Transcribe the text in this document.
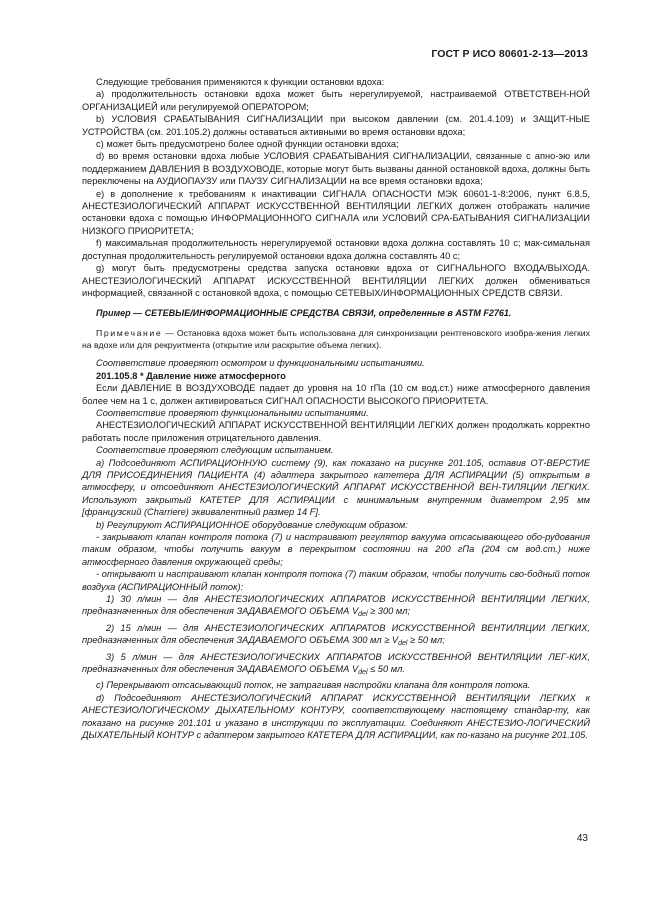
ГОСТ Р ИСО 80601-2-13—2013

Следующие требования применяются к функции остановки вдоха:

a) продолжительность остановки вдоха может быть нерегулируемой, настраиваемой ОТВЕТСТВЕН-НОЙ ОРГАНИЗАЦИЕЙ или регулируемой ОПЕРАТОРОМ;

b) УСЛОВИЯ СРАБАТЫВАНИЯ СИГНАЛИЗАЦИИ при высоком давлении (см. 201.4.109) и ЗАЩИТ-НЫЕ УСТРОЙСТВА (см. 201.105.2) должны оставаться активными во время остановки вдоха;

c) может быть предусмотрено более одной функции остановки вдоха;

d) во время остановки вдоха любые УСЛОВИЯ СРАБАТЫВАНИЯ СИГНАЛИЗАЦИИ, связанные с апно-эю или поддержанием ДАВЛЕНИЯ В ВОЗДУХОВОДЕ, которые могут быть вызваны данной остановкой вдоха, должны быть переключены на АУДИОПАУЗУ или ПАУЗУ СИГНАЛИЗАЦИИ на все время остановки вдоха;

e) в дополнение к требованиям к инактивации СИГНАЛА ОПАСНОСТИ МЭК 60601-1-8:2006, пункт 6.8.5, АНЕСТЕЗИОЛОГИЧЕСКИЙ АППАРАТ ИСКУССТВЕННОЙ ВЕНТИЛЯЦИИ ЛЕГКИХ должен отображать наличие остановки вдоха с помощью ИНФОРМАЦИОННОГО СИГНАЛА или УСЛОВИЙ СРА-БАТЫВАНИЯ СИГНАЛИЗАЦИИ НИЗКОГО ПРИОРИТЕТА;

f) максимальная продолжительность нерегулируемой остановки вдоха должна составлять 10 с; мак-симальная доступная продолжительность регулируемой остановки вдоха должна составлять 40 с;

g) могут быть предусмотрены средства запуска остановки вдоха от СИГНАЛЬНОГО ВХОДА/ВЫХОДА. АНЕСТЕЗИОЛОГИЧЕСКИЙ АППАРАТ ИСКУССТВЕННОЙ ВЕНТИЛЯЦИИ ЛЕГКИХ должен обмениваться информацией, связанной с остановкой вдоха, с помощью СЕТЕВЫХ/ИНФОРМАЦИОННЫХ СРЕДСТВ СВЯЗИ.

Пример — СЕТЕВЫЕ/ИНФОРМАЦИОННЫЕ СРЕДСТВА СВЯЗИ, определенные в ASTM F2761.

Примечание — Остановка вдоха может быть использована для синхронизации рентгеновского изобра-жения легких на вдохе или для рекруитмента (открытие или раскрытие объема легких).

Соответствие проверяют осмотром и функциональными испытаниями.

201.105.8 * Давление ниже атмосферного

Если ДАВЛЕНИЕ В ВОЗДУХОВОДЕ падает до уровня на 10 гПа (10 см вод.ст.) ниже атмосферного давления более чем на 1 с, должен активироваться СИГНАЛ ОПАСНОСТИ ВЫСОКОГО ПРИОРИТЕТА.

Соответствие проверяют функциональными испытаниями.

АНЕСТЕЗИОЛОГИЧЕСКИЙ АППАРАТ ИСКУССТВЕННОЙ ВЕНТИЛЯЦИИ ЛЕГКИХ должен продолжать корректно работать после приложения отрицательного давления.

Соответствие проверяют следующим испытанием.

a) Подсоединяют АСПИРАЦИОННУЮ систему (9), как показано на рисунке 201.105, оставив ОТ-ВЕРСТИЕ ДЛЯ ПРИСОЕДИНЕНИЯ ПАЦИЕНТА (4) адаптера закрытого катетера ДЛЯ АСПИРАЦИИ (5) открытым в атмосферу, и отсоединяют АНЕСТЕЗИОЛОГИЧЕСКИЙ АППАРАТ ИСКУССТВЕННОЙ ВЕН-ТИЛЯЦИИ ЛЕГКИХ. Используют закрытый КАТЕТЕР ДЛЯ АСПИРАЦИИ с минимальным внутренним диаметром 2,95 мм [французский (Charriere) эквивалентный размер 14 F].

b) Регулируют АСПИРАЦИОННОЕ оборудование следующим образом:

- закрывают клапан контроля потока (7) и настраивают регулятор вакуума отсасывающего обо-рудования таким образом, чтобы получить вакуум в перекрытом состоянии на 200 гПа (204 см вод.ст.) ниже атмосферного давления окружающей среды;

- открывают и настраивают клапан контроля потока (7) таким образом, чтобы получить сво-бодный поток воздуха (АСПИРАЦИОННЫЙ поток):

1) 30 л/мин — для АНЕСТЕЗИОЛОГИЧЕСКИХ АППАРАТОВ ИСКУССТВЕННОЙ ВЕНТИЛЯЦИИ ЛЕГКИХ, предназначенных для обеспечения ЗАДАВАЕМОГО ОБЪЕМА $V_{del} \ge 300$ мл;

2) 15 л/мин — для АНЕСТЕЗИОЛОГИЧЕСКИХ АППАРАТОВ ИСКУССТВЕННОЙ ВЕНТИЛЯЦИИ ЛЕГКИХ, предназначенных для обеспечения ЗАДАВАЕМОГО ОБЪЕМА 300 мл ≥ $V_{del} \ge 50$ мл;

3) 5 л/мин — для АНЕСТЕЗИОЛОГИЧЕСКИХ АППАРАТОВ ИСКУССТВЕННОЙ ВЕНТИЛЯЦИИ ЛЕГ-КИХ, предназначенных для обеспечения ЗАДАВАЕМОГО ОБЪЕМА $V_{del} \le 50$ мл.

c) Перекрывают отсасывающий поток, не затрагивая настройки клапана для контроля потока.

d) Подсоединяют АНЕСТЕЗИОЛОГИЧЕСКИЙ АППАРАТ ИСКУССТВЕННОЙ ВЕНТИЛЯЦИИ ЛЕГКИХ к АНЕСТЕЗИОЛОГИЧЕСКОМУ ДЫХАТЕЛЬНОМУ КОНТУРУ, соответствующему настоящему стандар-ту, как показано на рисунке 201.101 и указано в инструкции по эксплуатации. Соединяют АНЕСТЕЗИО-ЛОГИЧЕСКИЙ ДЫХАТЕЛЬНЫЙ КОНТУР с адаптером закрытого КАТЕТЕРА ДЛЯ АСПИРАЦИИ, как по-казано на рисунке 201.105.

43
